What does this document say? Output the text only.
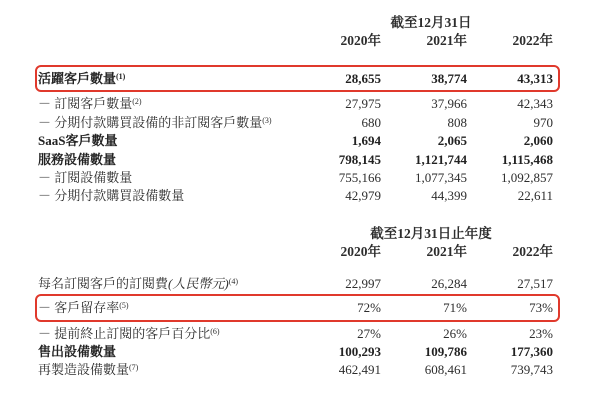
截至12月31日
2020年	2021年	2022年
活躍客戶數量$^{(1)}$	28,655	38,774	43,313
－ 訂閱客戶數量$^{(2)}$	27,975	37,966	42,343
－ 分期付款購買設備的非訂閱客戶數量$^{(3)}$	680	808	970
SaaS客戶數量	1,694	2,065	2,060
服務設備數量	798,145	1,121,744	1,115,468
－ 訂閱設備數量	755,166	1,077,345	1,092,857
－ 分期付款購買設備數量	42,979	44,399	22,611
截至12月31日止年度
2020年	2021年	2022年
每名訂閱客戶的訂閱費(人民幣元)$^{(4)}$	22,997	26,284	27,517
－ 客戶留存率$^{(5)}$	72%	71%	73%
－ 提前終止訂閱的客戶百分比$^{(6)}$	27%	26%	23%
售出設備數量	100,293	109,786	177,360
再製造設備數量$^{(7)}$	462,491	608,461	739,743
